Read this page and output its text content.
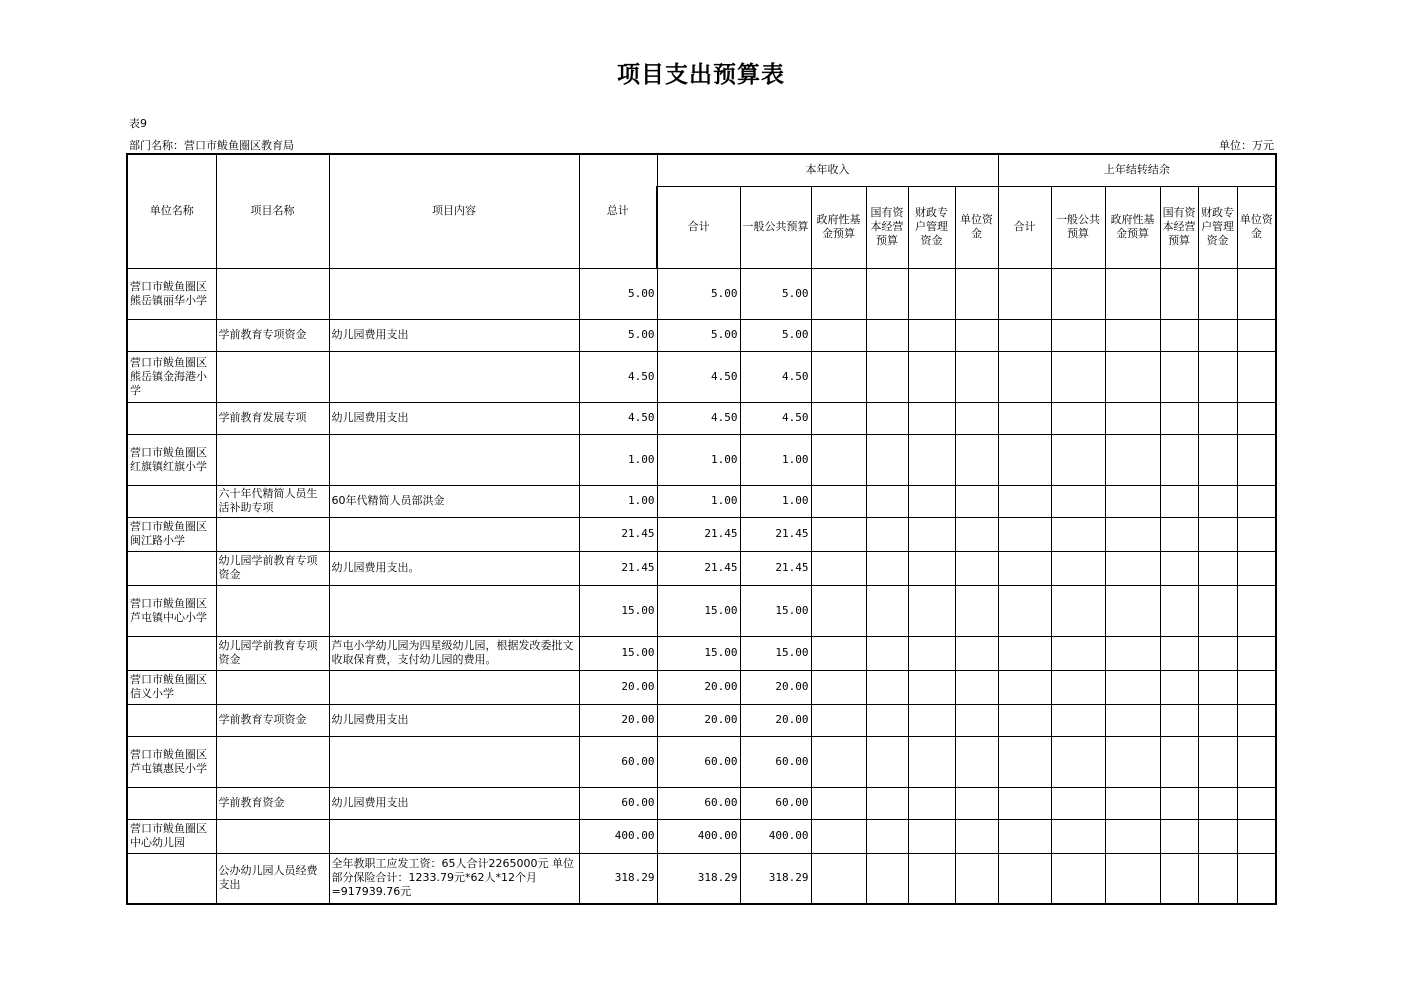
项目支出预算表
表9
部门名称：营口市鲅鱼圈区教育局	单位：万元
单位名称	项目名称	项目内容	总计	本年收入						上年结转结余					
				合计	一般公共预算	政府性基金预算	国有资本经营预算	财政专户管理资金	单位资金	合计	一般公共预算	政府性基金预算	国有资本经营预算	财政专户管理资金	单位资金
营口市鲅鱼圈区熊岳镇丽华小学			5.00	5.00	5.00										
	学前教育专项资金	幼儿园费用支出	5.00	5.00	5.00										
营口市鲅鱼圈区熊岳镇金海港小学			4.50	4.50	4.50										
	学前教育发展专项	幼儿园费用支出	4.50	4.50	4.50										
营口市鲅鱼圈区红旗镇红旗小学			1.00	1.00	1.00										
	六十年代精简人员生活补助专项	60年代精简人员部洪金	1.00	1.00	1.00										
营口市鲅鱼圈区闽江路小学			21.45	21.45	21.45										
	幼儿园学前教育专项资金	幼儿园费用支出。	21.45	21.45	21.45										
营口市鲅鱼圈区芦屯镇中心小学			15.00	15.00	15.00										
	幼儿园学前教育专项资金	芦屯小学幼儿园为四星级幼儿园，根据发改委批文收取保育费，支付幼儿园的费用。	15.00	15.00	15.00										
营口市鲅鱼圈区信义小学			20.00	20.00	20.00										
	学前教育专项资金	幼儿园费用支出	20.00	20.00	20.00										
营口市鲅鱼圈区芦屯镇惠民小学			60.00	60.00	60.00										
	学前教育资金	幼儿园费用支出	60.00	60.00	60.00										
营口市鲅鱼圈区中心幼儿园			400.00	400.00	400.00										
	公办幼儿园人员经费支出	全年教职工应发工资：65人合计2265000元 单位部分保险合计：1233.79元*62人*12个月=917939.76元	318.29	318.29	318.29										
